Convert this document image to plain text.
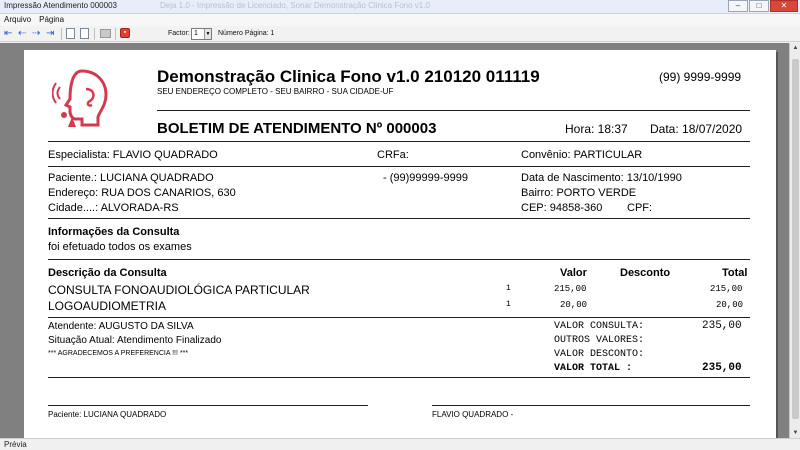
Impressão Atendimento 000003	Deja 1.0 - Impressão de Licenciado, Sonar Demonstração Clinica Fono v1.0	–	□	✕
Arquivo Página
⇤ ⇠ ⇢ ⇥	▪	Factor: 1	▼ Número Página: 1
Demonstração Clinica Fono v1.0 210120 011119
SEU ENDEREÇO COMPLETO - SEU BAIRRO - SUA CIDADE-UF
(99) 9999-9999
BOLETIM DE ATENDIMENTO Nº 000003	Hora: 18:37 Data: 18/07/2020
Especialista: FLAVIO QUADRADO	CRFa:	Convênio: PARTICULAR
Paciente.: LUCIANA QUADRADO	- (99)99999-9999	Data de Nascimento: 13/10/1990
Endereço: RUA DOS CANARIOS, 630	Bairro: PORTO VERDE
Cidade....: ALVORADA-RS	CEP: 94858-360 CPF:
Informações da Consulta
foi efetuado todos os exames
Descrição da Consulta	Valor	Desconto	Total
CONSULTA FONOAUDIOLÓGICA PARTICULAR	1	215,00	215,00
LOGOAUDIOMETRIA	1	20,00	20,00
Atendente: AUGUSTO DA SILVA
Situação Atual: Atendimento Finalizado
*** AGRADECEMOS A PREFERENCIA !!! ***
VALOR CONSULTA:	235,00
OUTROS VALORES:
VALOR DESCONTO:
VALOR TOTAL :	235,00
Paciente: LUCIANA QUADRADO	FLAVIO QUADRADO -
▲
▼
Prévia
